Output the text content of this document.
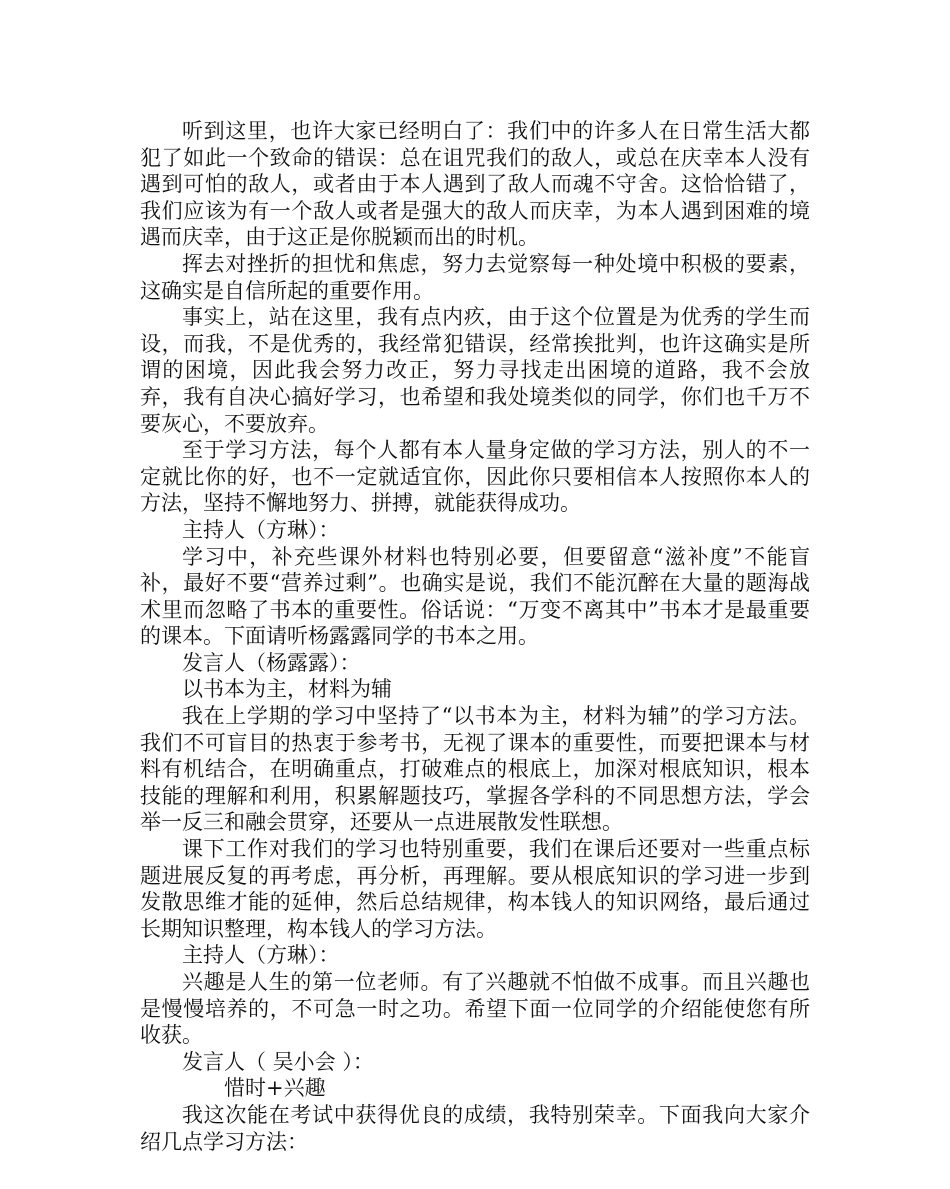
听到这里，也许大家已经明白了：我们中的许多人在日常生活大都犯了如此一个致命的错误：总在诅咒我们的敌人，或总在庆幸本人没有遇到可怕的敌人，或者由于本人遇到了敌人而魂不守舍。这恰恰错了，我们应该为有一个敌人或者是强大的敌人而庆幸，为本人遇到困难的境遇而庆幸，由于这正是你脱颖而出的时机。

挥去对挫折的担忧和焦虑，努力去觉察每一种处境中积极的要素，这确实是自信所起的重要作用。

事实上，站在这里，我有点内疚，由于这个位置是为优秀的学生而设，而我，不是优秀的，我经常犯错误，经常挨批判，也许这确实是所谓的困境，因此我会努力改正，努力寻找走出困境的道路，我不会放弃，我有自决心搞好学习，也希望和我处境类似的同学，你们也千万不要灰心，不要放弃。

至于学习方法，每个人都有本人量身定做的学习方法，别人的不一定就比你的好，也不一定就适宜你，因此你只要相信本人按照你本人的方法，坚持不懈地努力、拼搏，就能获得成功。

主持人（方琳）：

学习中，补充些课外材料也特别必要，但要留意“滋补度”不能盲补，最好不要“营养过剩”。也确实是说，我们不能沉醉在大量的题海战术里而忽略了书本的重要性。俗话说：“万变不离其中”书本才是最重要的课本。下面请听杨露露同学的书本之用。

发言人（杨露露）：

以书本为主，材料为辅

我在上学期的学习中坚持了“以书本为主，材料为辅”的学习方法。我们不可盲目的热衷于参考书，无视了课本的重要性，而要把课本与材料有机结合，在明确重点，打破难点的根底上，加深对根底知识，根本技能的理解和利用，积累解题技巧，掌握各学科的不同思想方法，学会举一反三和融会贯穿，还要从一点进展散发性联想。

课下工作对我们的学习也特别重要，我们在课后还要对一些重点标题进展反复的再考虑，再分析，再理解。要从根底知识的学习进一步到发散思维才能的延伸，然后总结规律，构本钱人的知识网络，最后通过长期知识整理，构本钱人的学习方法。

主持人（方琳）：

兴趣是人生的第一位老师。有了兴趣就不怕做不成事。而且兴趣也是慢慢培养的，不可急一时之功。希望下面一位同学的介绍能使您有所收获。

发言人（ 吴小会 ）：

惜时+兴趣

我这次能在考试中获得优良的成绩，我特别荣幸。下面我向大家介绍几点学习方法：
